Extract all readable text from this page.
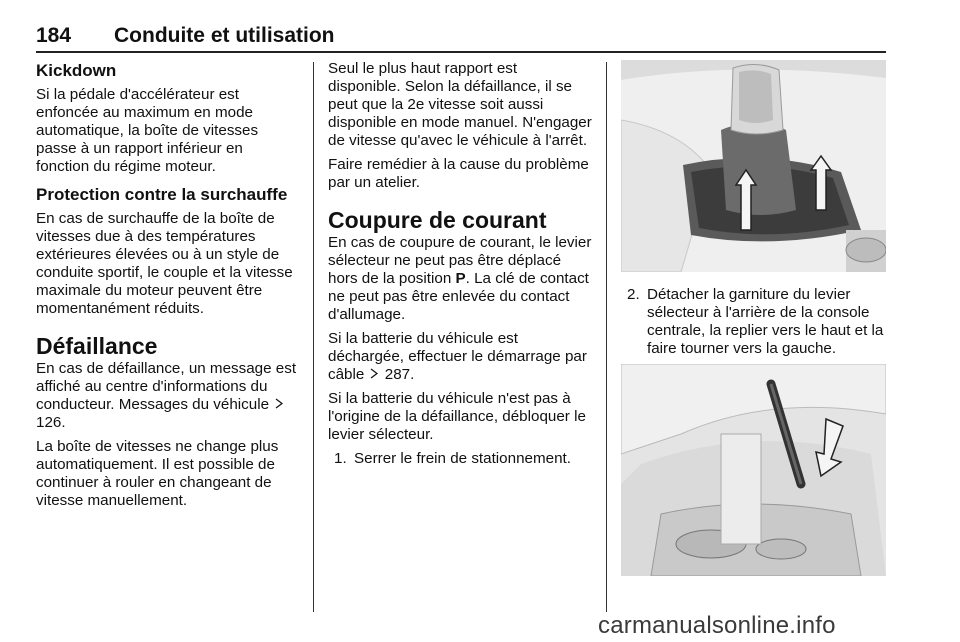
184 Conduite et utilisation
Kickdown

Si la pédale d'accélérateur est enfoncée au maximum en mode automatique, la boîte de vitesses passe à un rapport inférieur en fonction du régime moteur.

Protection contre la surchauffe

En cas de surchauffe de la boîte de vitesses due à des températures extérieures élevées ou à un style de conduite sportif, le couple et la vitesse maximale du moteur peuvent être momentanément réduits.

Défaillance

En cas de défaillance, un message est affiché au centre d'informations du conducteur. Messages du véhicule  126.

La boîte de vitesses ne change plus automatiquement. Il est possible de continuer à rouler en changeant de vitesse manuellement.

Seul le plus haut rapport est disponible. Selon la défaillance, il se peut que la 2e vitesse soit aussi disponible en mode manuel. N'engager de vitesse qu'avec le véhicule à l'arrêt.

Faire remédier à la cause du problème par un atelier.

Coupure de courant

En cas de coupure de courant, le levier sélecteur ne peut pas être déplacé hors de la position P. La clé de contact ne peut pas être enlevée du contact d'allumage.

Si la batterie du véhicule est déchargée, effectuer le démarrage par câble 287.

Si la batterie du véhicule n'est pas à l'origine de la défaillance, débloquer le levier sélecteur.

1. Serrer le frein de stationnement.

2. Détacher la garniture du levier sélecteur à l'arrière de la console centrale, la replier vers le haut et la faire tourner vers la gauche.

carmanualsonline.info
